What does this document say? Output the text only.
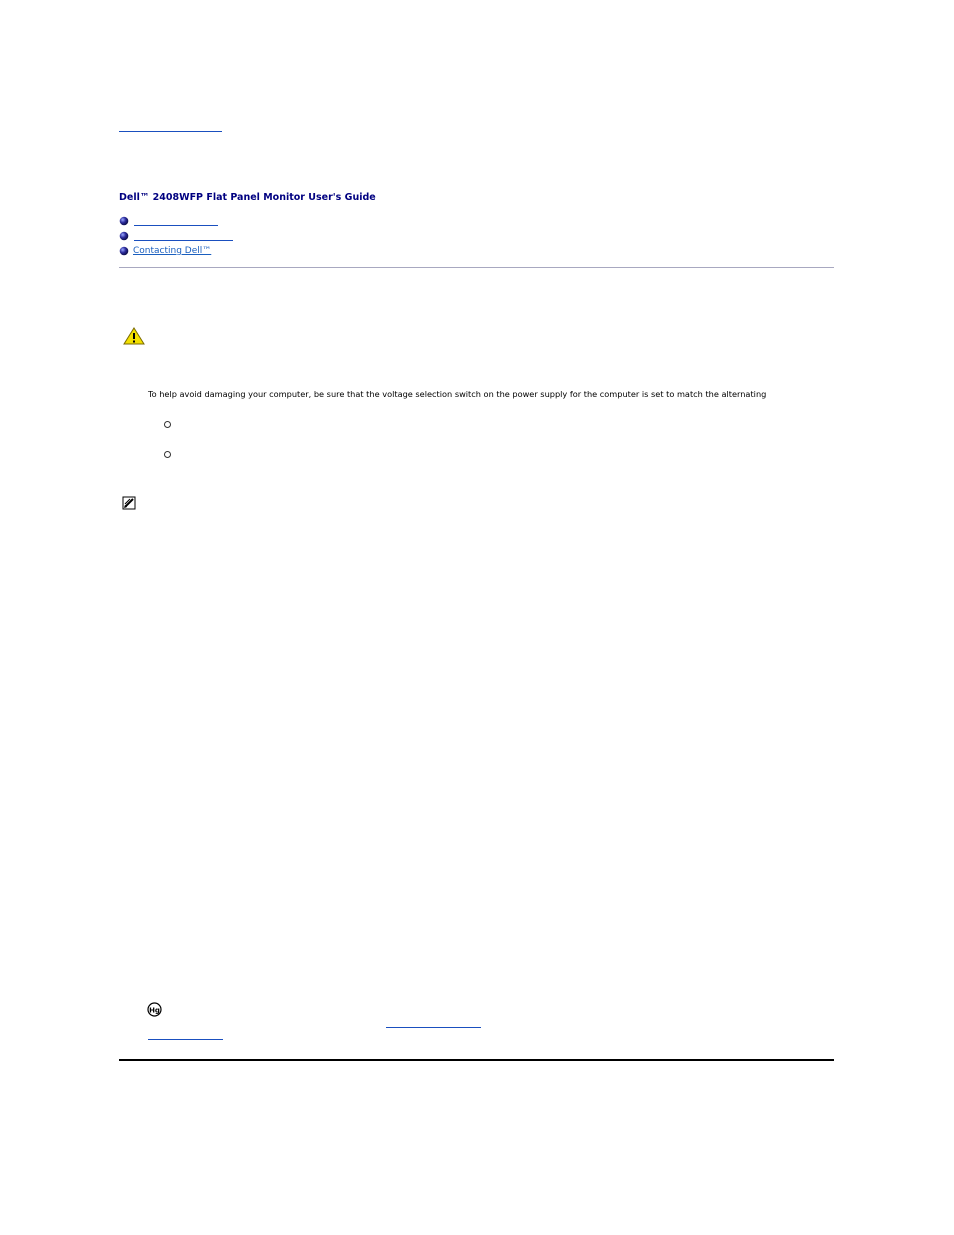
Dell™ 2408WFP Flat Panel Monitor User's Guide
Contacting Dell™
To help avoid damaging your computer, be sure that the voltage selection switch on the power supply for the computer is set to match the alternating
Hg
